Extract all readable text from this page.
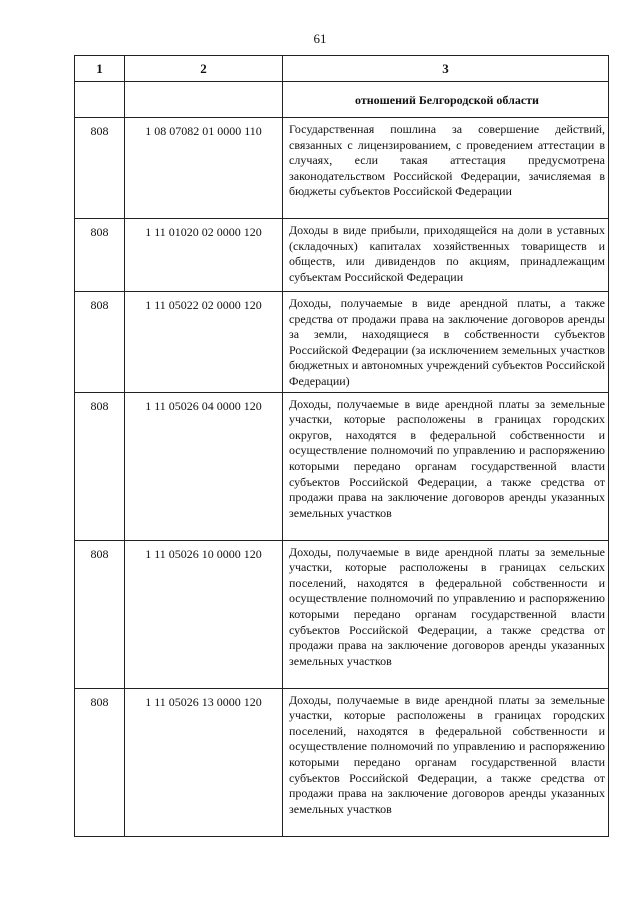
61
1	2	3
		отношений Белгородской области
808	1 08 07082 01 0000 110	Государственная пошлина за совершение действий, связанных с лицензированием, с проведением аттестации в случаях, если такая аттестация предусмотрена законодательством Российской Федерации, зачисляемая в бюджеты субъектов Российской Федерации
808	1 11 01020 02 0000 120	Доходы в виде прибыли, приходящейся на доли в уставных (складочных) капиталах хозяйственных товариществ и обществ, или дивидендов по акциям, принадлежащим субъектам Российской Федерации
808	1 11 05022 02 0000 120	Доходы, получаемые в виде арендной платы, а также средства от продажи права на заключение договоров аренды за земли, находящиеся в собственности субъектов Российской Федерации (за исключением земельных участков бюджетных и автономных учреждений субъектов Российской Федерации)
808	1 11 05026 04 0000 120	Доходы, получаемые в виде арендной платы за земельные участки, которые расположены в границах городских округов, находятся в федеральной собственности и осуществление полномочий по управлению и распоряжению которыми передано органам государственной власти субъектов Российской Федерации, а также средства от продажи права на заключение договоров аренды указанных земельных участков
808	1 11 05026 10 0000 120	Доходы, получаемые в виде арендной платы за земельные участки, которые расположены в границах сельских поселений, находятся в федеральной собственности и осуществление полномочий по управлению и распоряжению которыми передано органам государственной власти субъектов Российской Федерации, а также средства от продажи права на заключение договоров аренды указанных земельных участков
808	1 11 05026 13 0000 120	Доходы, получаемые в виде арендной платы за земельные участки, которые расположены в границах городских поселений, находятся в федеральной собственности и осуществление полномочий по управлению и распоряжению которыми передано органам государственной власти субъектов Российской Федерации, а также средства от продажи права на заключение договоров аренды указанных земельных участков
